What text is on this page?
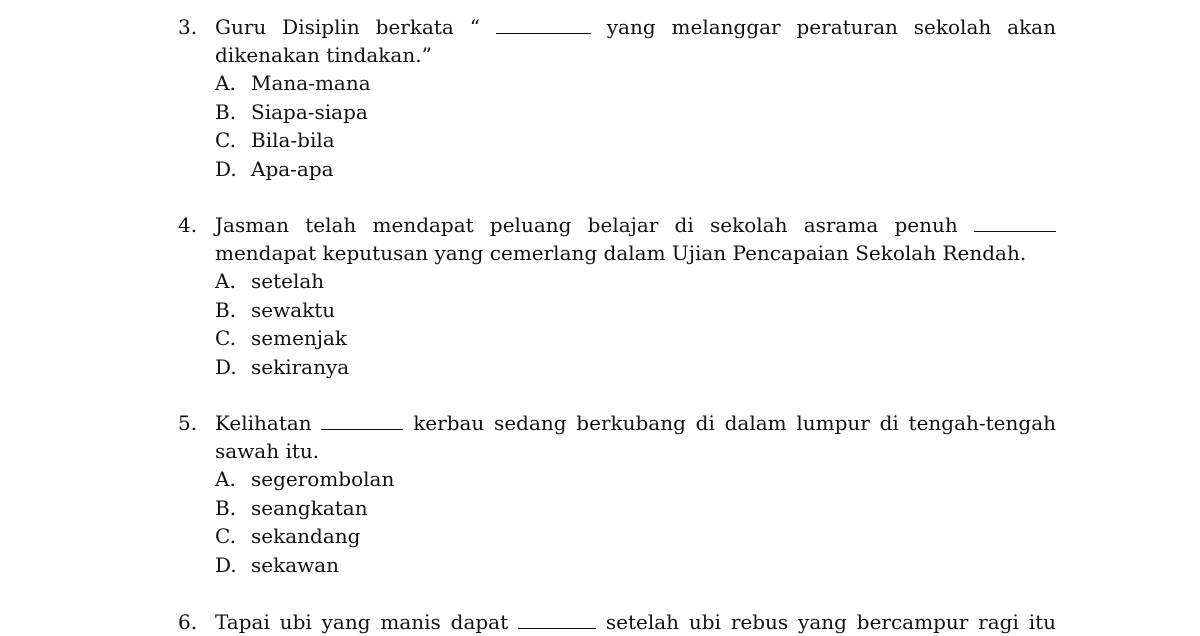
3. Guru Disiplin berkata “	yang melanggar peraturan sekolah akan
dikenakan tindakan.”
A. Mana-mana
B. Siapa-siapa
C. Bila-bila
D. Apa-apa
4. Jasman telah mendapat peluang belajar di sekolah asrama penuh
mendapat keputusan yang cemerlang dalam Ujian Pencapaian Sekolah Rendah.
A. setelah
B. sewaktu
C. semenjak
D. sekiranya
5. Kelihatan	kerbau sedang berkubang di dalam lumpur di tengah-tengah
sawah itu.
A. segerombolan
B. seangkatan
C. sekandang
D. sekawan
6. Tapai ubi yang manis dapat	setelah ubi rebus yang bercampur ragi itu
